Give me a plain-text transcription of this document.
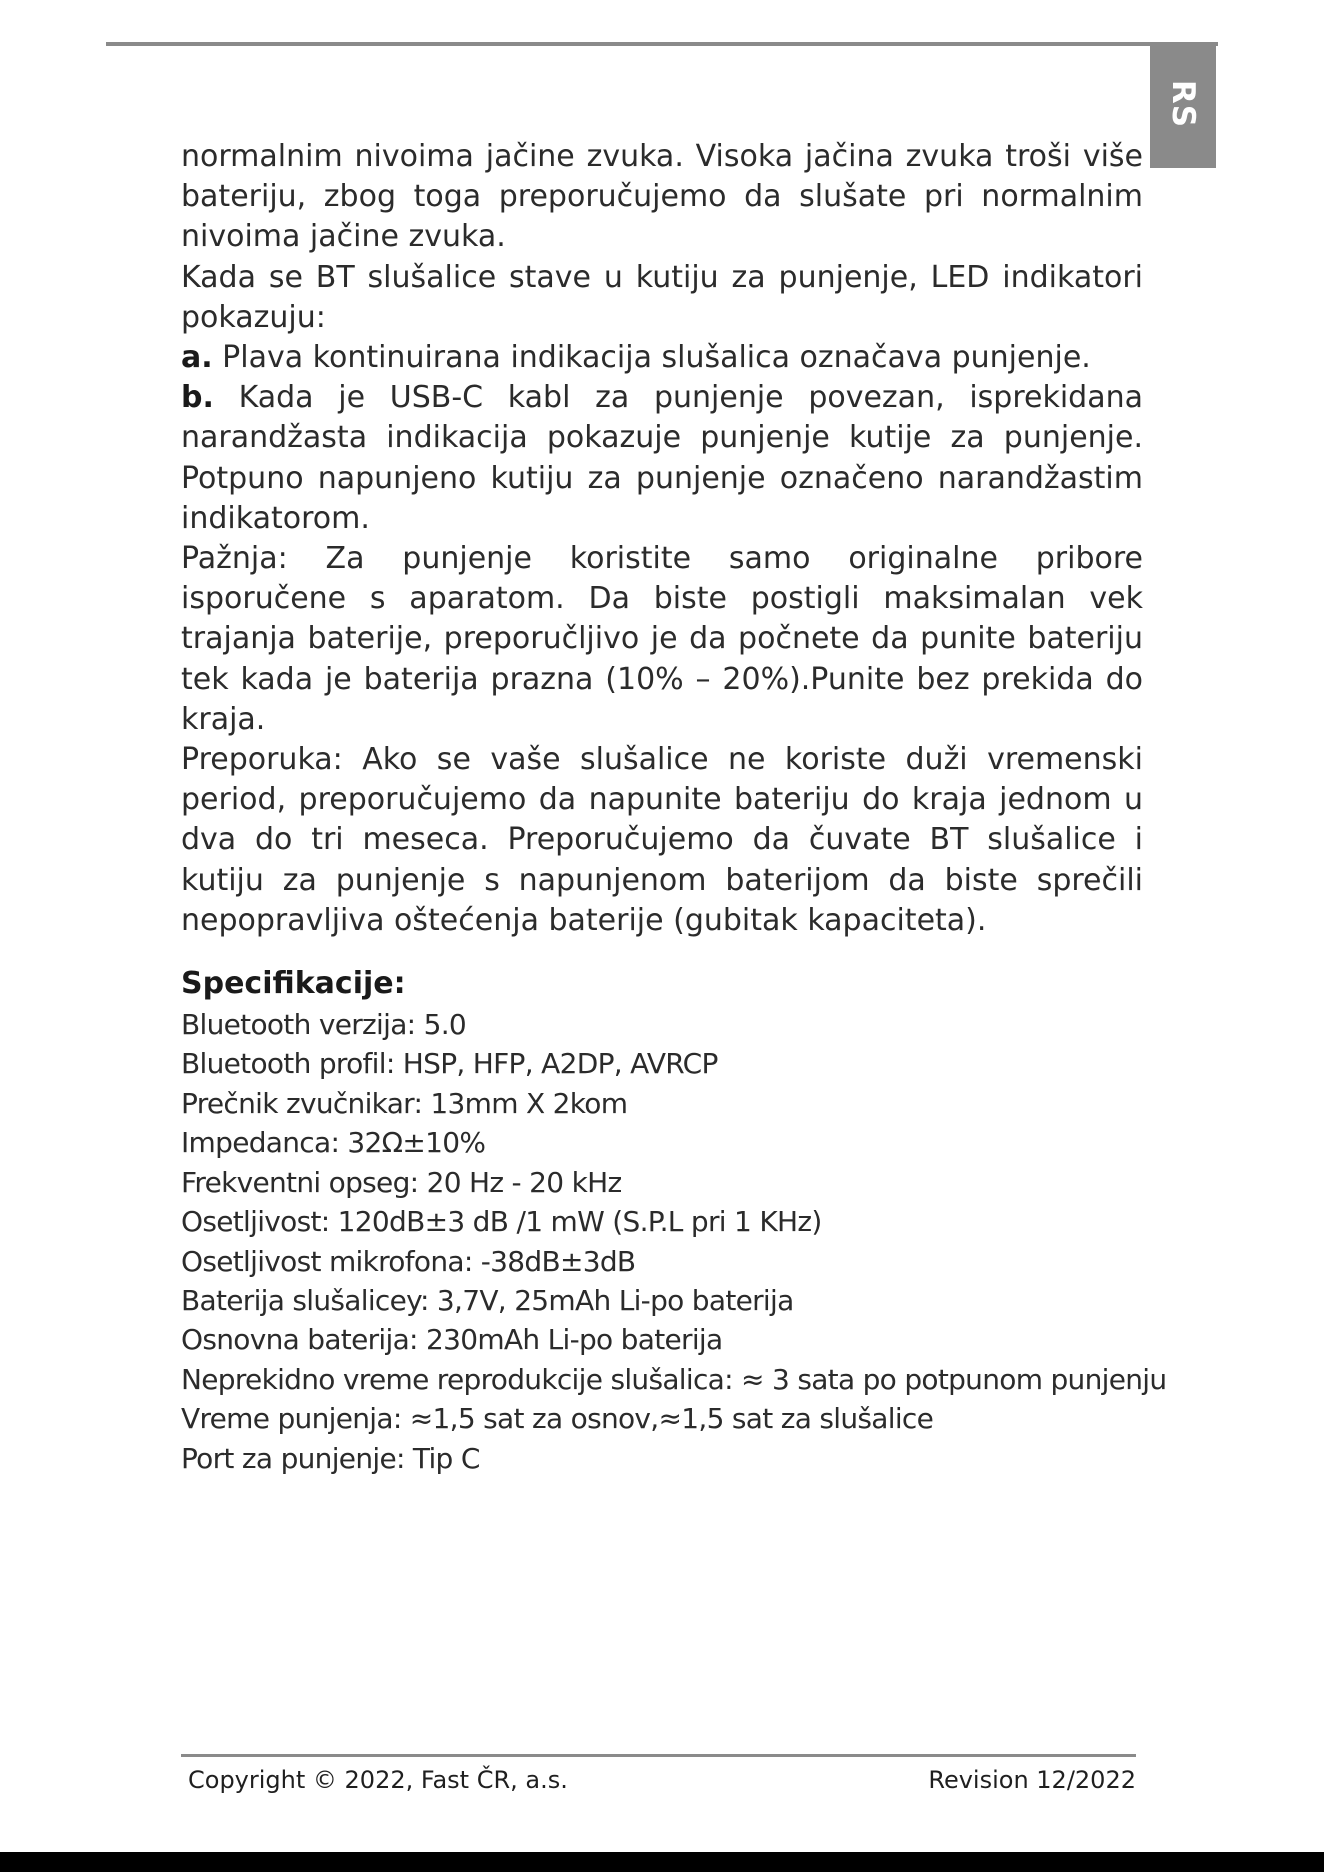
RS

normalnim nivoima jačine zvuka. Visoka jačina zvuka troši više bateriju, zbog toga preporučujemo da slušate pri normalnim nivoima jačine zvuka.

Kada se BT slušalice stave u kutiju za punjenje, LED indikatori pokazuju:

a. Plava kontinuirana indikacija slušalica označava punjenje.

b. Kada je USB-C kabl za punjenje povezan, isprekidana narandžasta indikacija pokazuje punjenje kutije za punjenje. Potpuno napunjeno kutiju za punjenje označeno narandžastim indikatorom.

Pažnja: Za punjenje koristite samo originalne pribore isporučene s aparatom. Da biste postigli maksimalan vek trajanja baterije, preporučljivo je da počnete da punite bateriju tek kada je baterija prazna (10% – 20%).Punite bez prekida do kraja.

Preporuka: Ako se vaše slušalice ne koriste duži vremenski period, preporučujemo da napunite bateriju do kraja jednom u dva do tri meseca. Preporučujemo da čuvate BT slušalice i kutiju za punjenje s napunjenom baterijom da biste sprečili nepopravljiva oštećenja baterije (gubitak kapaciteta).

Specifikacije:

Bluetooth verzija: 5.0

Bluetooth profil: HSP, HFP, A2DP, AVRCP

Prečnik zvučnikar: 13mm X 2kom

Impedanca: 32Ω±10%

Frekventni opseg: 20 Hz - 20 kHz

Osetljivost: 120dB±3 dB /1 mW (S.P.L pri 1 KHz)

Osetljivost mikrofona: -38dB±3dB

Baterija slušalicey: 3,7V, 25mAh Li-po baterija

Osnovna baterija: 230mAh Li-po baterija

Neprekidno vreme reprodukcije slušalica: ≈ 3 sata po potpunom punjenju

Vreme punjenja: ≈1,5 sat za osnov,≈1,5 sat za slušalice

Port za punjenje: Tip C

Copyright © 2022, Fast ČR, a.s.	Revision 12/2022
